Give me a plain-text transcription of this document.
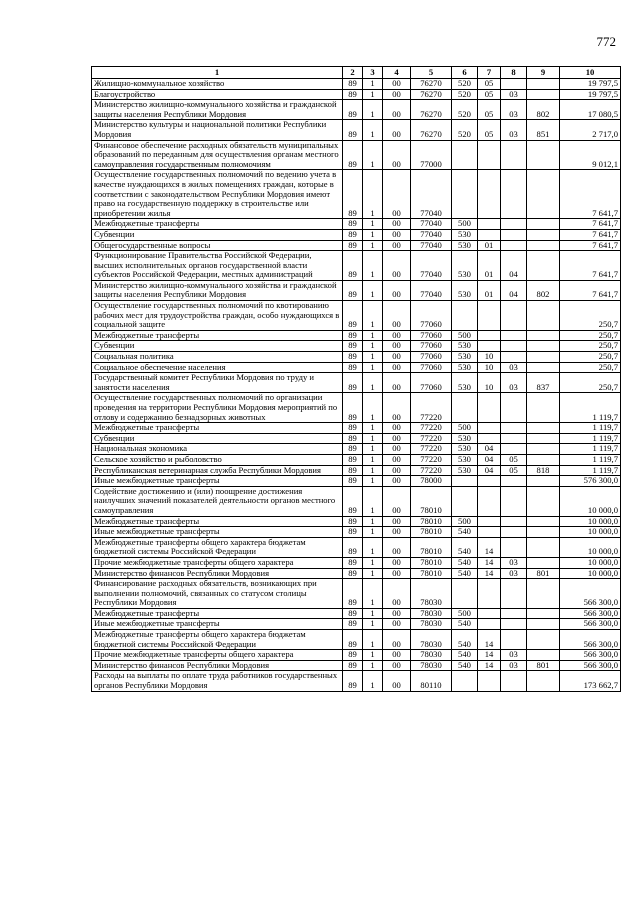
772
1	2	3	4	5	6	7	8	9	10
Жилищно-коммунальное хозяйство	89	1	00	76270	520	05			19 797,5
Благоустройство	89	1	00	76270	520	05	03		19 797,5
Министерство жилищно-коммунального хозяйства и гражданской защиты населения Республики Мордовия	89	1	00	76270	520	05	03	802	17 080,5
Министерство культуры и национальной политики Республики Мордовия	89	1	00	76270	520	05	03	851	2 717,0
Финансовое обеспечение расходных обязательств муниципальных образований по переданным для осуществления органам местного самоуправления государственным полномочиям	89	1	00	77000					9 012,1
Осуществление государственных полномочий по ведению учета в качестве нуждающихся в жилых помещениях граждан, которые в соответствии с законодательством Республики Мордовия имеют право на государственную поддержку в строительстве или приобретении жилья	89	1	00	77040					7 641,7
Межбюджетные трансферты	89	1	00	77040	500				7 641,7
Субвенции	89	1	00	77040	530				7 641,7
Общегосударственные вопросы	89	1	00	77040	530	01			7 641,7
Функционирование Правительства Российской Федерации, высших исполнительных органов государственной власти субъектов Российской Федерации, местных администраций	89	1	00	77040	530	01	04		7 641,7
Министерство жилищно-коммунального хозяйства и гражданской защиты населения Республики Мордовия	89	1	00	77040	530	01	04	802	7 641,7
Осуществление государственных полномочий по квотированию рабочих мест для трудоустройства граждан, особо нуждающихся в социальной защите	89	1	00	77060					250,7
Межбюджетные трансферты	89	1	00	77060	500				250,7
Субвенции	89	1	00	77060	530				250,7
Социальная политика	89	1	00	77060	530	10			250,7
Социальное обеспечение населения	89	1	00	77060	530	10	03		250,7
Государственный комитет Республики Мордовия по труду и занятости населения	89	1	00	77060	530	10	03	837	250,7
Осуществление государственных полномочий по организации проведения на территории Республики Мордовия мероприятий по отлову и содержанию безнадзорных животных	89	1	00	77220					1 119,7
Межбюджетные трансферты	89	1	00	77220	500				1 119,7
Субвенции	89	1	00	77220	530				1 119,7
Национальная экономика	89	1	00	77220	530	04			1 119,7
Сельское хозяйство и рыболовство	89	1	00	77220	530	04	05		1 119,7
Республиканская ветеринарная служба Республики Мордовия	89	1	00	77220	530	04	05	818	1 119,7
Иные межбюджетные трансферты	89	1	00	78000					576 300,0
Содействие достижению и (или) поощрение достижения наилучших значений показателей деятельности органов местного самоуправления	89	1	00	78010					10 000,0
Межбюджетные трансферты	89	1	00	78010	500				10 000,0
Иные межбюджетные трансферты	89	1	00	78010	540				10 000,0
Межбюджетные трансферты общего характера бюджетам бюджетной системы Российской Федерации	89	1	00	78010	540	14			10 000,0
Прочие межбюджетные трансферты общего характера	89	1	00	78010	540	14	03		10 000,0
Министерство финансов Республики Мордовия	89	1	00	78010	540	14	03	801	10 000,0
Финансирование расходных обязательств, возникающих при выполнении полномочий, связанных со статусом столицы Республики Мордовия	89	1	00	78030					566 300,0
Межбюджетные трансферты	89	1	00	78030	500				566 300,0
Иные межбюджетные трансферты	89	1	00	78030	540				566 300,0
Межбюджетные трансферты общего характера бюджетам бюджетной системы Российской Федерации	89	1	00	78030	540	14			566 300,0
Прочие межбюджетные трансферты общего характера	89	1	00	78030	540	14	03		566 300,0
Министерство финансов Республики Мордовия	89	1	00	78030	540	14	03	801	566 300,0
Расходы на выплаты по оплате труда работников государственных органов Республики Мордовия	89	1	00	80110					173 662,7
